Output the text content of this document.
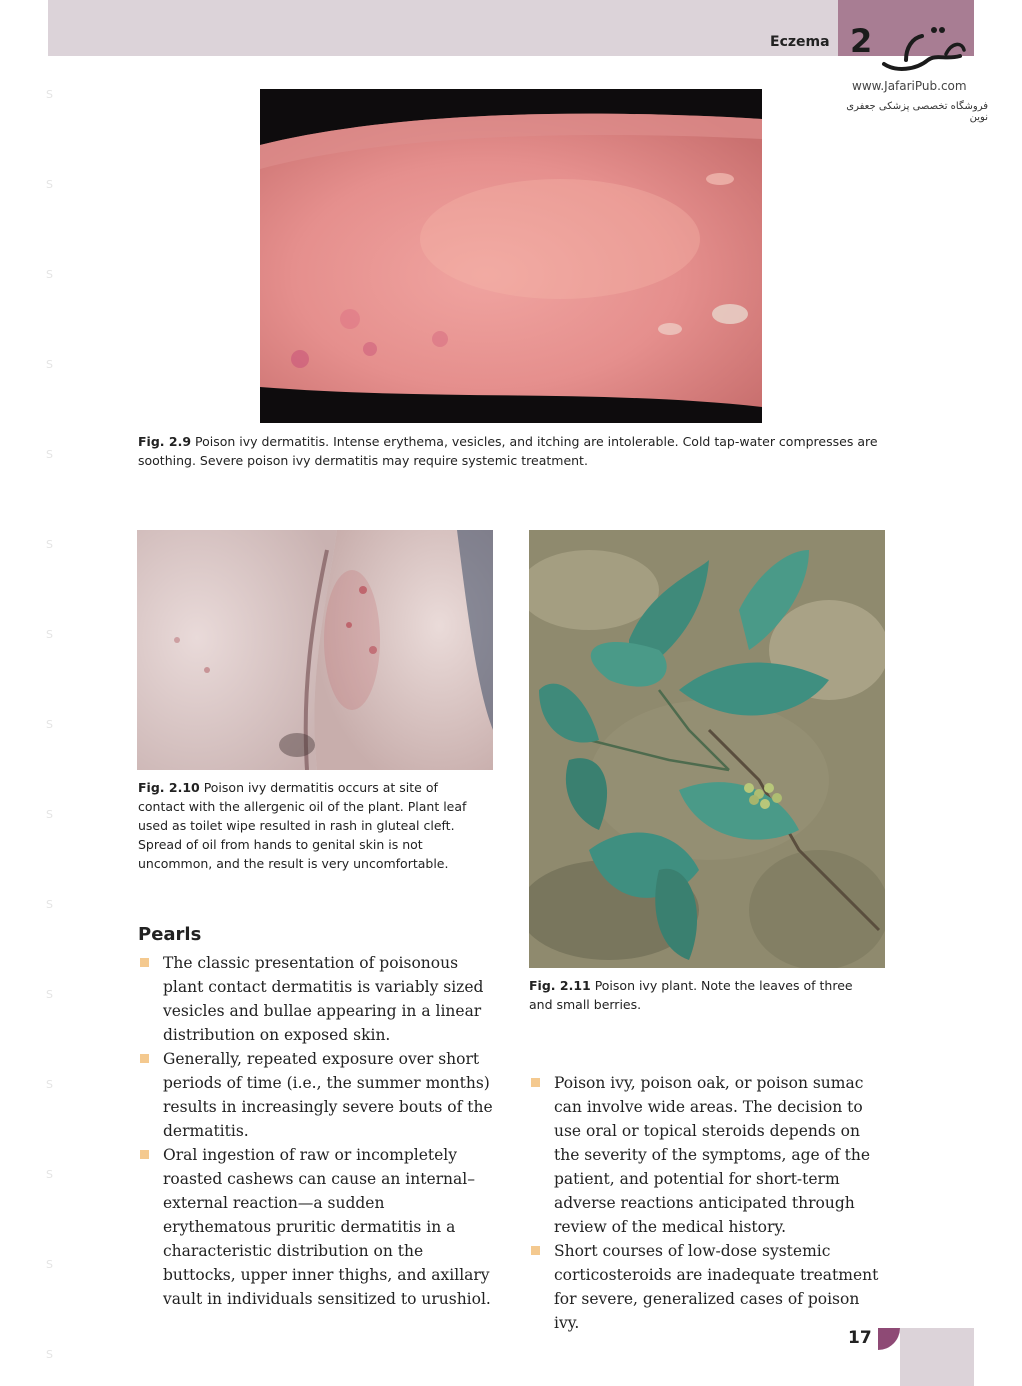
Eczema 2
www.JafariPub.com
فروشگاه تخصصی پزشکی جعفری نوین
S
S
S
S
S
S
S
S
S
S
S
S
S
S
S
Fig. 2.9 Poison ivy dermatitis. Intense erythema, vesicles, and itching are intolerable. Cold tap-water compresses are soothing. Severe poison ivy dermatitis may require systemic treatment.
Fig. 2.10 Poison ivy dermatitis occurs at site of contact with the allergenic oil of the plant. Plant leaf used as toilet wipe resulted in rash in gluteal cleft. Spread of oil from hands to genital skin is not uncommon, and the result is very uncomfortable.
Fig. 2.11 Poison ivy plant. Note the leaves of three and small berries.
Pearls
The classic presentation of poisonous plant contact dermatitis is variably sized vesicles and bullae appearing in a linear distribution on exposed skin.
Generally, repeated exposure over short periods of time (i.e., the summer months) results in increasingly severe bouts of the dermatitis.
Oral ingestion of raw or incompletely roasted cashews can cause an internal–external reaction—a sudden erythematous pruritic dermatitis in a characteristic distribution on the buttocks, upper inner thighs, and axillary vault in individuals sensitized to urushiol.
Poison ivy, poison oak, or poison sumac can involve wide areas. The decision to use oral or topical steroids depends on the severity of the symptoms, age of the patient, and potential for short-term adverse reactions anticipated through review of the medical history.
Short courses of low-dose systemic corticosteroids are inadequate treatment for severe, generalized cases of poison ivy.
17
